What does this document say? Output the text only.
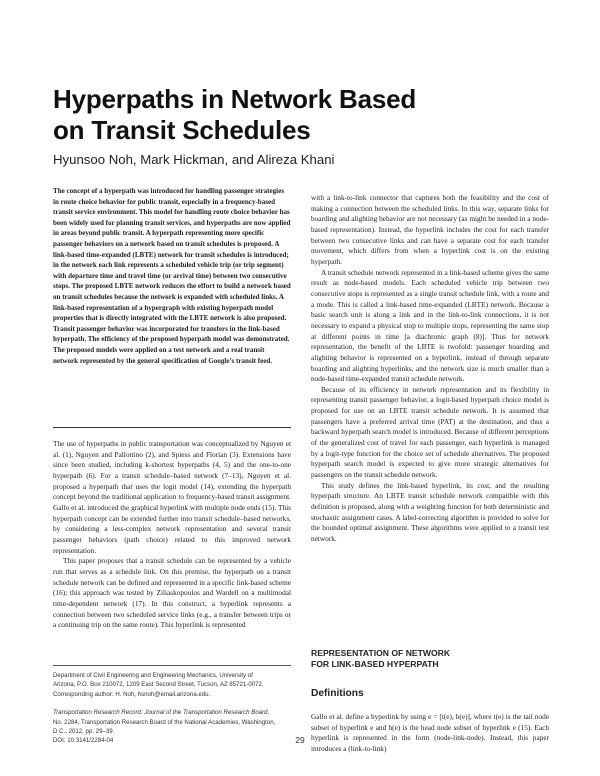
Hyperpaths in Network Based
on Transit Schedules
Hyunsoo Noh, Mark Hickman, and Alireza Khani
The concept of a hyperpath was introduced for handling passenger strategies in route choice behavior for public transit, especially in a frequency-based transit service environment. This model for handling route choice behavior has been widely used for planning transit services, and hyperpaths are now applied in areas beyond public transit. A hyperpath representing more specific passenger behaviors on a network based on transit schedules is proposed. A link-based time-expanded (LBTE) network for transit schedules is introduced; in the network each link represents a scheduled vehicle trip (or trip segment) with departure time and travel time (or arrival time) between two consecutive stops. The proposed LBTE network reduces the effort to build a network based on transit schedules because the network is expanded with scheduled links. A link-based representation of a hypergraph with existing hyperpath model properties that is directly integrated with the LBTE network is also proposed. Transit passenger behavior was incorporated for transfers in the link-based hyperpath. The efficiency of the proposed hyperpath model was demonstrated. The proposed models were applied on a test network and a real transit network represented by the general specification of Google’s transit feed.

The use of hyperpaths in public transportation was conceptualized by Nguyen et al. (1), Nguyen and Pallottino (2), and Spiess and Florian (3). Extensions have since been studied, including k-shortest hyperpaths (4, 5) and the one-to-one hyperpath (6). For a transit schedule–based network (7–13), Nguyen et al. proposed a hyperpath that uses the logit model (14), extending the hyperpath concept beyond the traditional application to frequency-based transit assignment. Gallo et al. introduced the graphical hyperlink with multiple node ends (15). This hyperpath concept can be extended further into transit schedule–based networks, by considering a less-complex network representation and several transit passenger behaviors (path choice) related to this improved network representation.

This paper proposes that a transit schedule can be represented by a vehicle run that serves as a schedule link. On this premise, the hyperpath on a transit schedule network can be defined and represented in a specific link-based scheme (16); this approach was tested by Ziliaskopoulos and Wardell on a multimodal time-dependent network (17). In this construct, a hyperlink represents a connection between two scheduled service links (e.g., a transfer between trips or a continuing trip on the same route). This hyperlink is represented

Department of Civil Engineering and Engineering Mechanics, University of
Arizona, P.O. Box 210072, 1209 East Second Street, Tucson, AZ 85721-0072.
Corresponding author: H. Noh, hsnoh@email.arizona.edu.
Transportation Research Record: Journal of the Transportation Research Board,
No. 2284, Transportation Research Board of the National Academies, Washington,
D.C., 2012, pp. 29–39.
DOI: 10.3141/2284-04

with a link-to-link connector that captures both the feasibility and the cost of making a connection between the scheduled links. In this way, separate links for boarding and alighting behavior are not necessary (as might be needed in a node-based representation). Instead, the hyperlink includes the cost for each transfer between two consecutive links and can have a separate cost for each transfer movement, which differs from when a hyperlink cost is on the existing hyperpath.

A transit schedule network represented in a link-based scheme gives the same result as node-based models. Each scheduled vehicle trip between two consecutive stops is represented as a single transit schedule link, with a route and a mode. This is called a link-based time-expanded (LBTE) network. Because a basic search unit is along a link and in the link-to-link connections, it is not necessary to expand a physical stop to multiple stops, representing the same stop at different points in time [a diachronic graph (8)]. Thus for network representation, the benefit of the LBTE is twofold: passenger boarding and alighting behavior is represented on a hyperlink, instead of through separate boarding and alighting hyperlinks, and the network size is much smaller than a node-based time-expanded transit schedule network.

Because of its efficiency in network representation and its flexibility in representing transit passenger behavior, a logit-based hyperpath choice model is proposed for use on an LBTE transit schedule network. It is assumed that passengers have a preferred arrival time (PAT) at the destination, and thus a backward hyperpath search model is introduced. Because of different perceptions of the generalized cost of travel for each passenger, each hyperlink is managed by a logit-type function for the choice set of schedule alternatives. The proposed hyperpath search model is expected to give more strategic alternatives for passengers on the transit schedule network.

This study defines the link-based hyperlink, its cost, and the resulting hyperpath structure. An LBTE transit schedule network compatible with this definition is proposed, along with a weighting function for both deterministic and stochastic assignment cases. A label-correcting algorithm is provided to solve for the bounded optimal assignment. These algorithms were applied to a transit test network.

REPRESENTATION OF NETWORK
FOR LINK-BASED HYPERPATH
Definitions

Gallo et al. define a hyperlink by using e = [t(e), h(e)], where t(e) is the tail node subset of hyperlink e and h(e) is the head node subset of hyperlink e (15). Each hyperlink is represented in the form (node-link-node). Instead, this paper introduces a (link-to-link)

29
